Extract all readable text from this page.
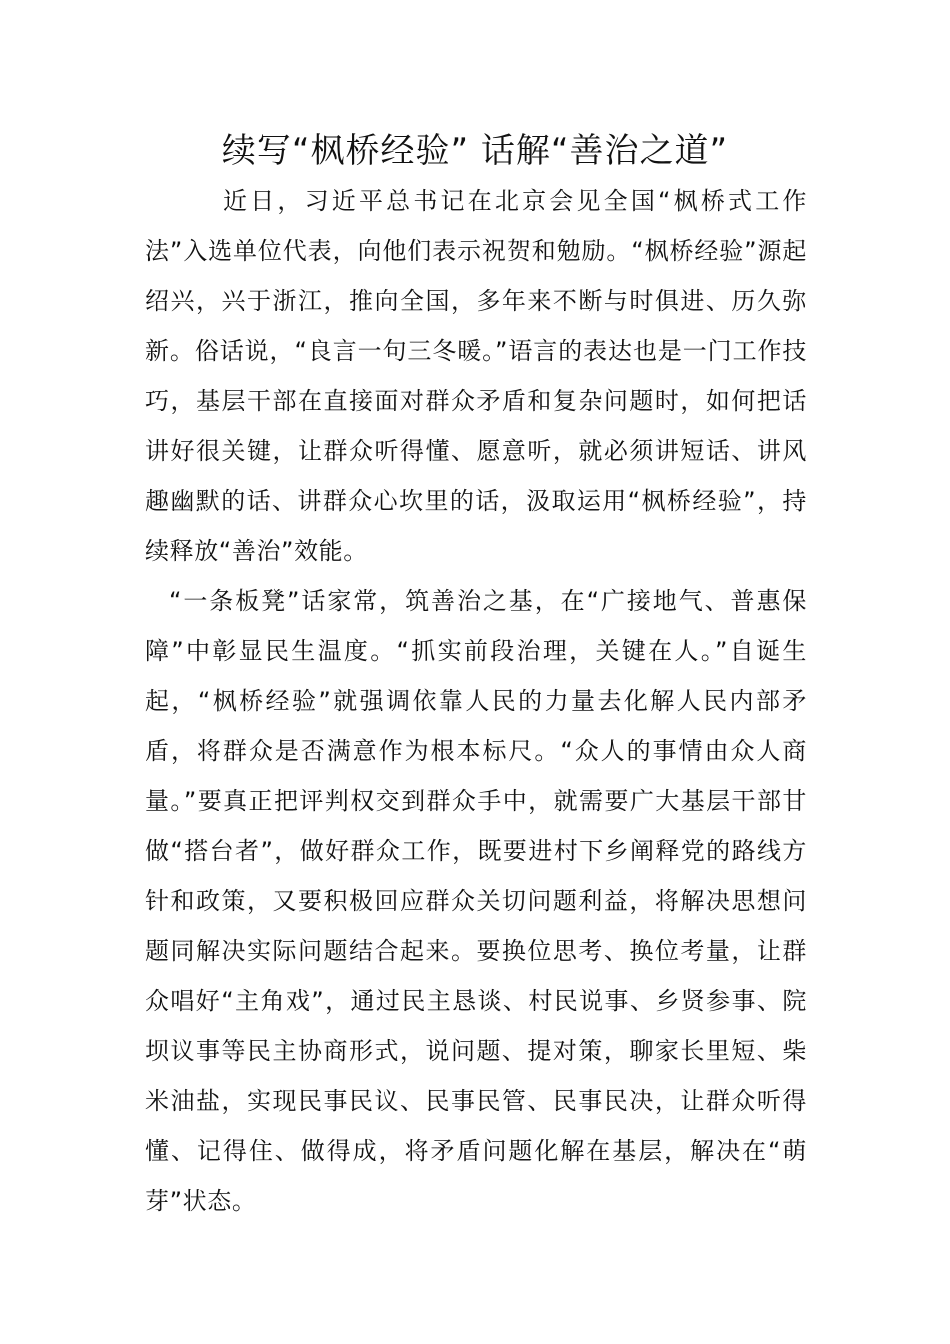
续写“枫桥经验” 话解“善治之道”

近日，习近平总书记在北京会见全国“枫桥式工作法”入选单位代表，向他们表示祝贺和勉励。“枫桥经验”源起绍兴，兴于浙江，推向全国，多年来不断与时俱进、历久弥新。俗话说，“良言一句三冬暖。”语言的表达也是一门工作技巧，基层干部在直接面对群众矛盾和复杂问题时，如何把话讲好很关键，让群众听得懂、愿意听，就必须讲短话、讲风趣幽默的话、讲群众心坎里的话，汲取运用“枫桥经验”，持续释放“善治”效能。

“一条板凳”话家常，筑善治之基，在“广接地气、普惠保障”中彰显民生温度。“抓实前段治理，关键在人。”自诞生起，“枫桥经验”就强调依靠人民的力量去化解人民内部矛盾，将群众是否满意作为根本标尺。“众人的事情由众人商量。”要真正把评判权交到群众手中，就需要广大基层干部甘做“搭台者”，做好群众工作，既要进村下乡阐释党的路线方针和政策，又要积极回应群众关切问题利益，将解决思想问题同解决实际问题结合起来。要换位思考、换位考量，让群众唱好“主角戏”，通过民主恳谈、村民说事、乡贤参事、院坝议事等民主协商形式，说问题、提对策，聊家长里短、柴米油盐，实现民事民议、民事民管、民事民决，让群众听得懂、记得住、做得成，将矛盾问题化解在基层，解决在“萌芽”状态。
